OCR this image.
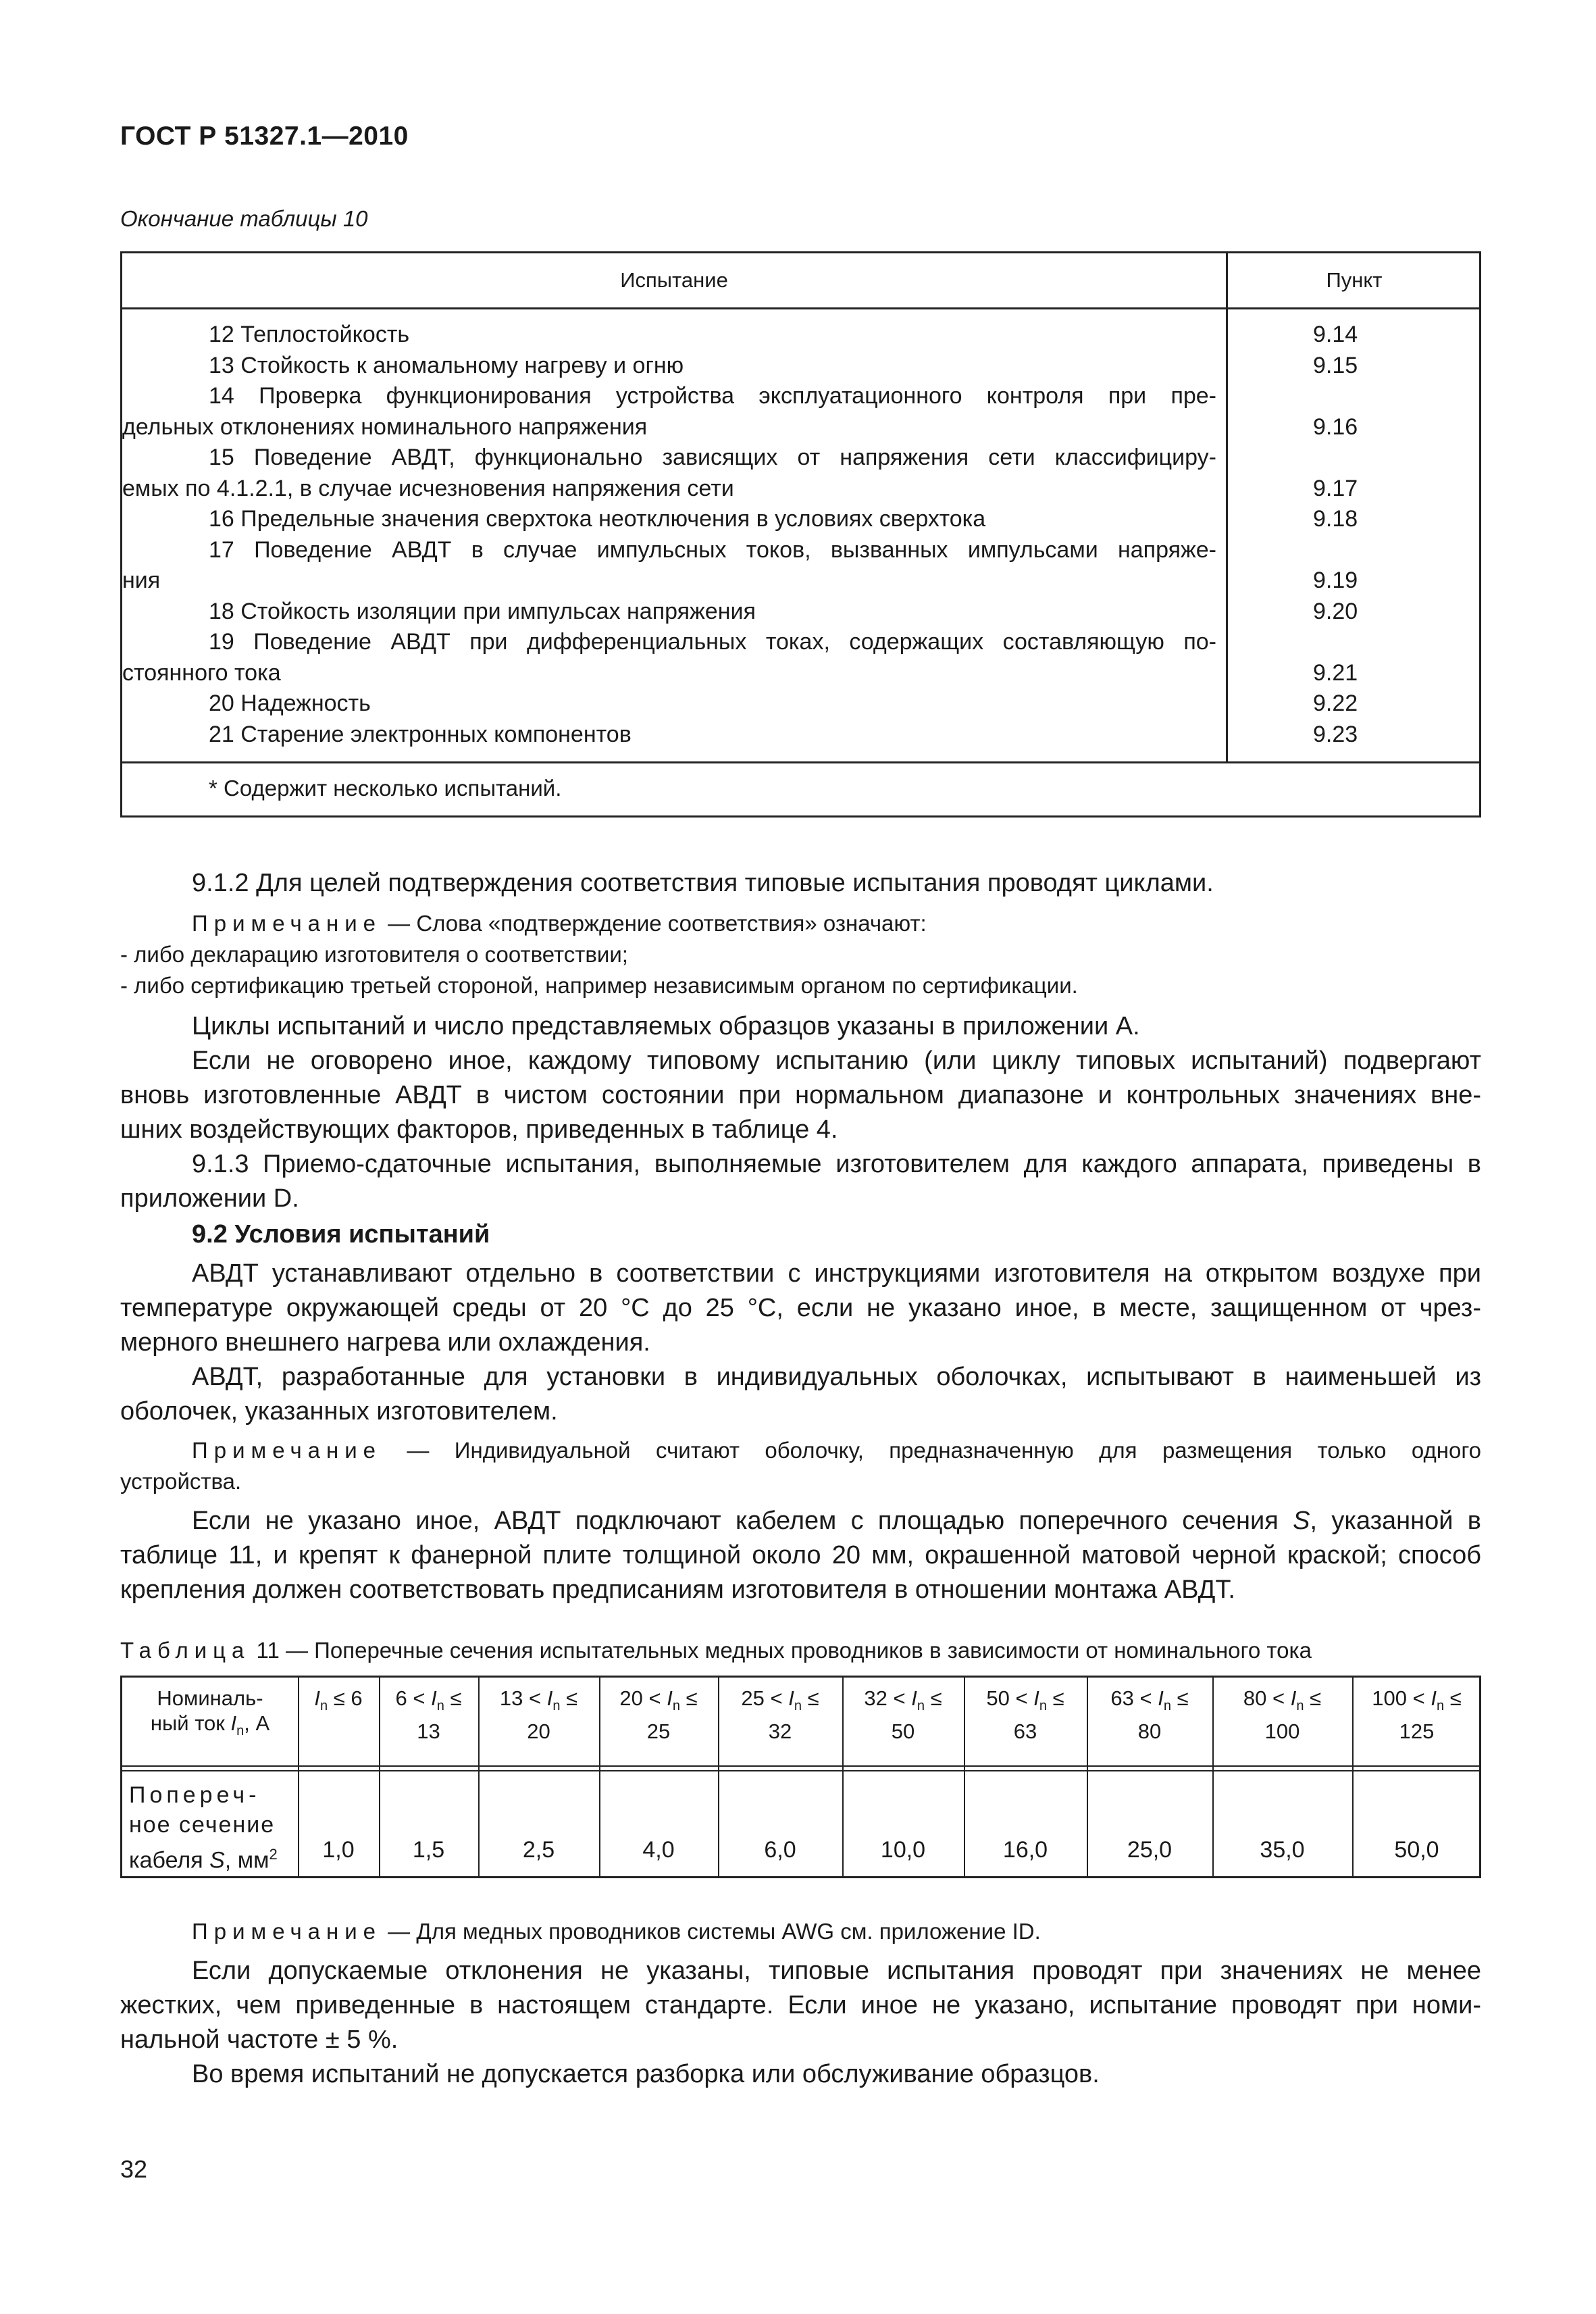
ГОСТ Р 51327.1—2010
Окончание таблицы 10
Испытание	Пункт
12 Теплостойкость
13 Стойкость к аномальному нагреву и огню
14 Проверка функционирования устройства эксплуатационного контроля при пре-
дельных отклонениях номинального напряжения
15 Поведение АВДТ, функционально зависящих от напряжения сети классифициру-
емых по 4.1.2.1, в случае исчезновения напряжения сети
16 Предельные значения сверхтока неотключения в условиях сверхтока
17 Поведение АВДТ в случае импульсных токов, вызванных импульсами напряже-
ния
18 Стойкость изоляции при импульсах напряжения
19 Поведение АВДТ при дифференциальных токах, содержащих составляющую по-
стоянного тока
20 Надежность
21 Старение электронных компонентов
9.14
9.15
9.16
9.17
9.18
9.19
9.20
9.21
9.22
9.23
* Содержит несколько испытаний.
9.1.2 Для целей подтверждения соответствия типовые испытания проводят циклами.
Примечание — Слова «подтверждение соответствия» означают:
- либо декларацию изготовителя о соответствии;
- либо сертификацию третьей стороной, например независимым органом по сертификации.
Циклы испытаний и число представляемых образцов указаны в приложении А.
Если не оговорено иное, каждому типовому испытанию (или циклу типовых испытаний) подвергают
вновь изготовленные АВДТ в чистом состоянии при нормальном диапазоне и контрольных значениях вне-
шних воздействующих факторов, приведенных в таблице 4.
9.1.3 Приемо-сдаточные испытания, выполняемые изготовителем для каждого аппарата, приведены в
приложении D.
9.2 Условия испытаний
АВДТ устанавливают отдельно в соответствии с инструкциями изготовителя на открытом воздухе при
температуре окружающей среды от 20 °С до 25 °С, если не указано иное, в месте, защищенном от чрез-
мерного внешнего нагрева или охлаждения.
АВДТ, разработанные для установки в индивидуальных оболочках, испытывают в наименьшей из
оболочек, указанных изготовителем.
Примечание — Индивидуальной считают оболочку, предназначенную для размещения только одного
устройства.
Если не указано иное, АВДТ подключают кабелем с площадью поперечного сечения S, указанной в
таблице 11, и крепят к фанерной плите толщиной около 20 мм, окрашенной матовой черной краской; способ
крепления должен соответствовать предписаниям изготовителя в отношении монтажа АВДТ.
Таблица 11 — Поперечные сечения испытательных медных проводников в зависимости от номинального тока
Номиналь-
ный ток $I_n$, А
Попереч-
ное сечение
кабеля S, $мм^2$
$I_n \le 6$
1,0
$6 < I_n$ ≤
13
1,5
$13 < I_n$ ≤
20
2,5
$20 < I_n$ ≤
25
4,0
$25 < I_n$ ≤
32
6,0
$32 < I_n$ ≤
50
10,0
$50 < I_n$ ≤
63
16,0
$63 < I_n$ ≤
80
25,0
$80 < I_n$ ≤
100
35,0
$100 < I_n$ ≤
125
50,0
Примечание — Для медных проводников системы AWG см. приложение ID.
Если допускаемые отклонения не указаны, типовые испытания проводят при значениях не менее
жестких, чем приведенные в настоящем стандарте. Если иное не указано, испытание проводят при номи-
нальной частоте ± 5 %.
Во время испытаний не допускается разборка или обслуживание образцов.
32
